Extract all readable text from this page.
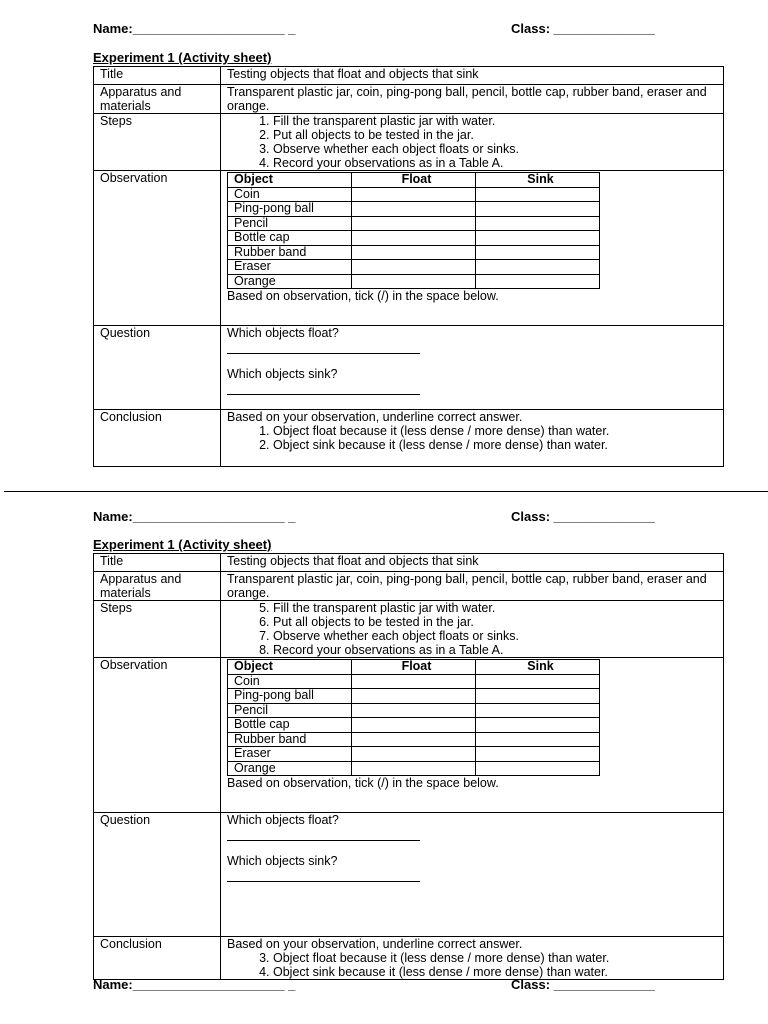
Name:_____________________ _	Class: ______________
Experiment 1 (Activity sheet)
Title	Testing objects that float and objects that sink
Apparatus and materials	Transparent plastic jar, coin, ping-pong ball, pencil, bottle cap, rubber band, eraser and orange.
Steps	
1.Fill the transparent plastic jar with water.
2. Put all objects to be tested in the jar.
3. Observe whether each object floats or sinks.
4. Record your observations as in a Table A.

Observation		Object	Float	Sink
Coin		
Ping-pong ball		
Pencil		
Bottle cap		
Rubber band		
Eraser		
Orange		
Based on observation, tick (/) in the space below.

Question	Which objects float?
Which objects sink?

Conclusion	Based on your observation, underline correct answer.
1. Object float because it (less dense / more dense) than water.
2. Object sink because it (less dense / more dense) than water.
Name:_____________________ _	Class: ______________
Experiment 1 (Activity sheet)
Title	Testing objects that float and objects that sink
Apparatus and materials	Transparent plastic jar, coin, ping-pong ball, pencil, bottle cap, rubber band, eraser and orange.
Steps	
5.Fill the transparent plastic jar with water.
6. Put all objects to be tested in the jar.
7. Observe whether each object floats or sinks.
8. Record your observations as in a Table A.

Observation		Object	Float	Sink
Coin		
Ping-pong ball		
Pencil		
Bottle cap		
Rubber band		
Eraser		
Orange		
Based on observation, tick (/) in the space below.

Question	Which objects float?
Which objects sink?

Conclusion	Based on your observation, underline correct answer.
3. Object float because it (less dense / more dense) than water.
4. Object sink because it (less dense / more dense) than water.
Name:_____________________ _	Class: ______________
